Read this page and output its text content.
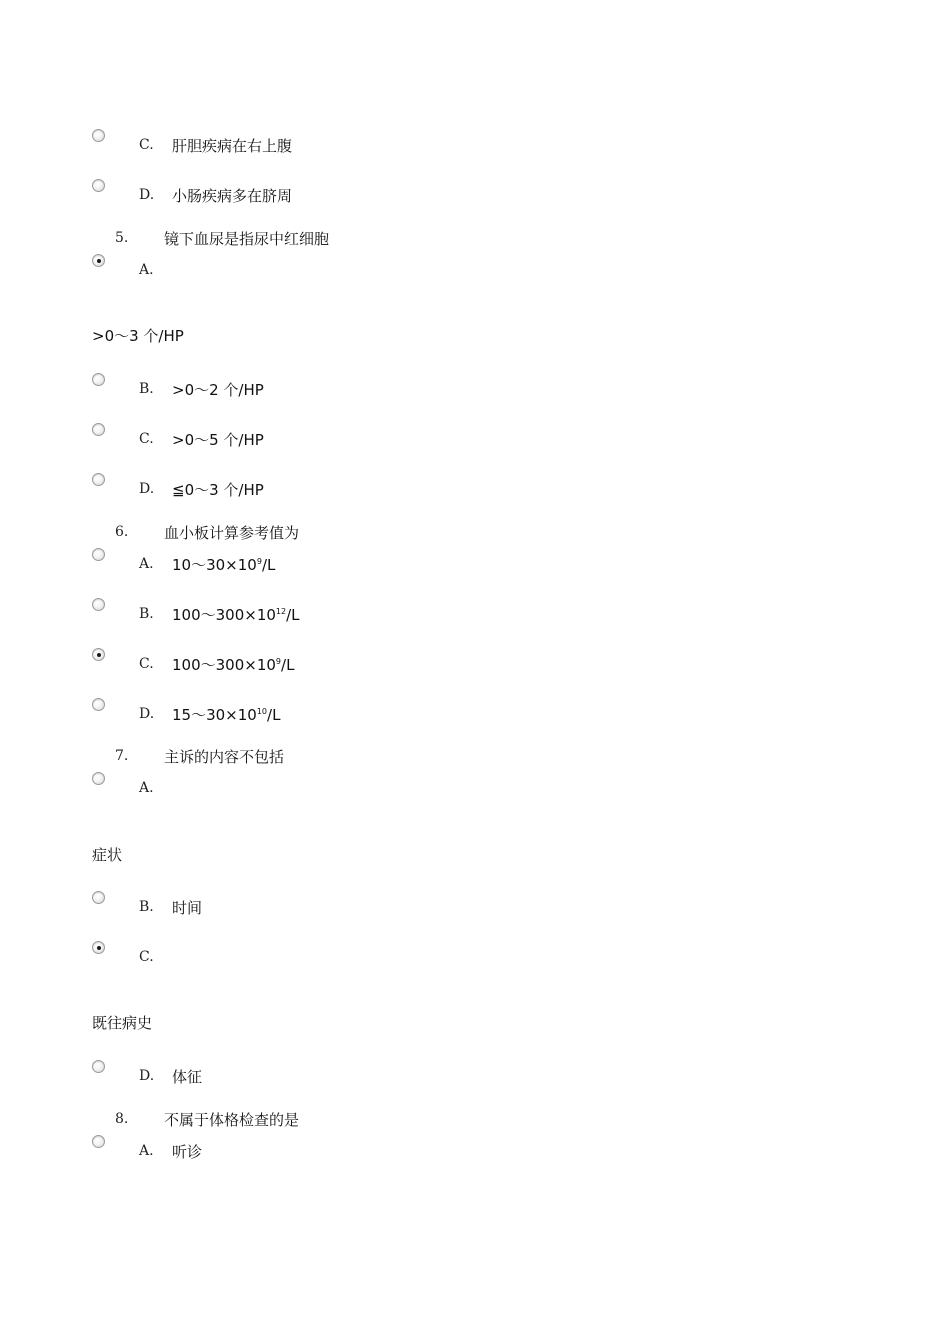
C. 肝胆疾病在右上腹
D. 小肠疾病多在脐周
5. 镜下血尿是指尿中红细胞
A.
>0～3 个/HP
B. >0～2 个/HP
C. >0～5 个/HP
D. ≦0～3 个/HP
6. 血小板计算参考值为
A. $10\sim 30\times 10^9/L$
B. $100\sim 300\times 10^{12}/L$
C. $100\sim 300\times 10^9/L$
D. $15\sim 30\times 10^{10}/L$
7. 主诉的内容不包括
A.
症状
B. 时间
C.
既往病史
D. 体征
8. 不属于体格检查的是
A. 听诊
